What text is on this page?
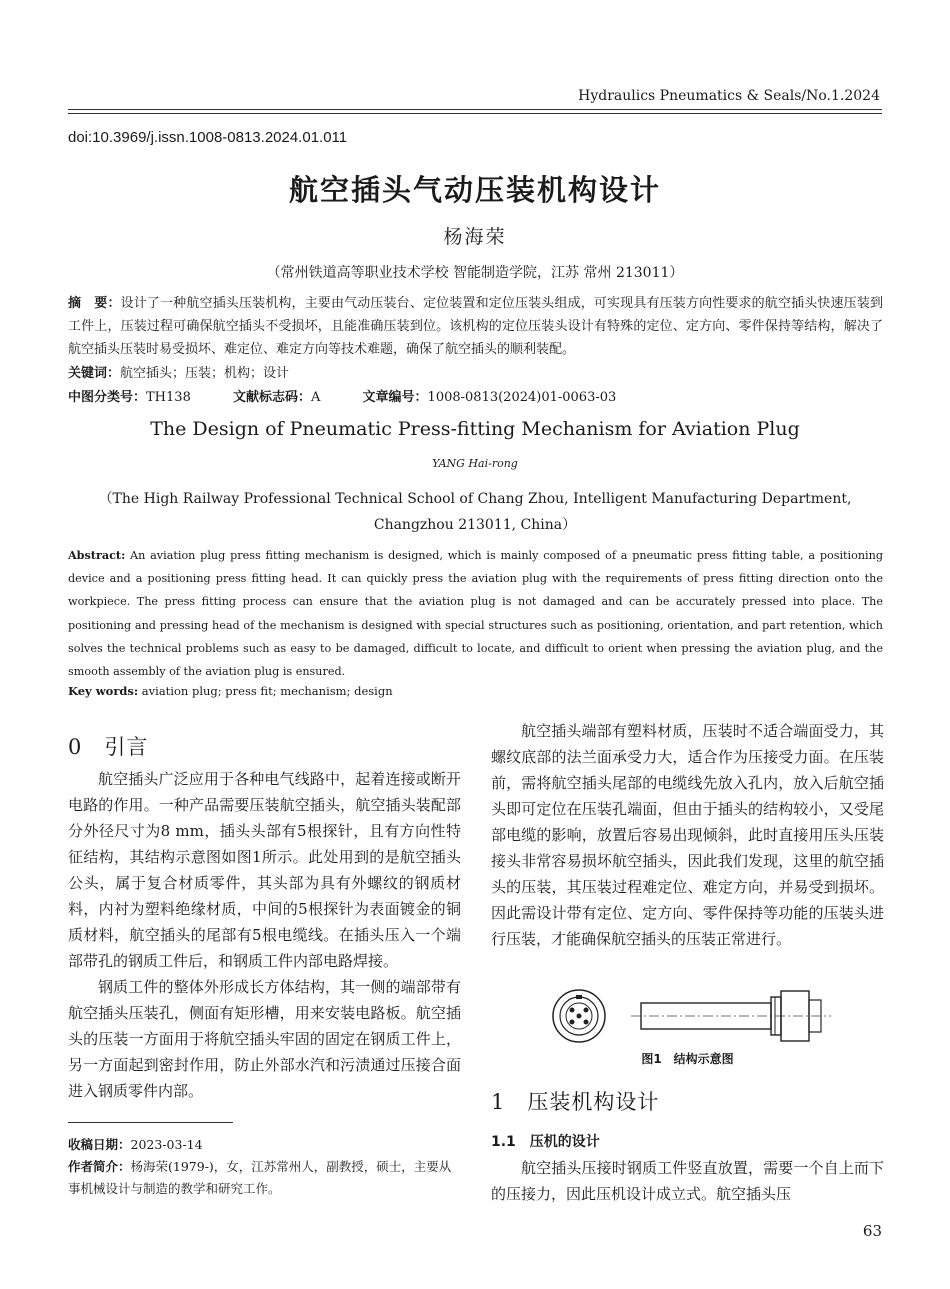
Hydraulics Pneumatics & Seals/No.1.2024
doi:10.3969/j.issn.1008-0813.2024.01.011
航空插头气动压装机构设计
杨海荣
（常州铁道高等职业技术学校 智能制造学院，江苏 常州 213011）
摘　要：设计了一种航空插头压装机构，主要由气动压装台、定位装置和定位压装头组成，可实现具有压装方向性要求的航空插头快速压装到工件上，压装过程可确保航空插头不受损坏，且能准确压装到位。该机构的定位压装头设计有特殊的定位、定方向、零件保持等结构，解决了航空插头压装时易受损坏、难定位、难定方向等技术难题，确保了航空插头的顺利装配。
关键词：航空插头；压装；机构；设计
中图分类号：TH138	文献标志码：A	文章编号：1008-0813(2024)01-0063-03
The Design of Pneumatic Press-fitting Mechanism for Aviation Plug
YANG Hai-rong
（The High Railway Professional Technical School of Chang Zhou, Intelligent Manufacturing Department,
Changzhou 213011, China）
Abstract: An aviation plug press fitting mechanism is designed, which is mainly composed of a pneumatic press fitting table, a positioning device and a positioning press fitting head. It can quickly press the aviation plug with the requirements of press fitting direction onto the workpiece. The press fitting process can ensure that the aviation plug is not damaged and can be accurately pressed into place. The positioning and pressing head of the mechanism is designed with special structures such as positioning, orientation, and part retention, which solves the technical problems such as easy to be damaged, difficult to locate, and difficult to orient when pressing the aviation plug, and the smooth assembly of the aviation plug is ensured.
Key words: aviation plug; press fit; mechanism; design
0　引言

航空插头广泛应用于各种电气线路中，起着连接或断开电路的作用。一种产品需要压装航空插头，航空插头装配部分外径尺寸为8 mm，插头头部有5根探针，且有方向性特征结构，其结构示意图如图1所示。此处用到的是航空插头公头，属于复合材质零件，其头部为具有外螺纹的钢质材料，内衬为塑料绝缘材质，中间的5根探针为表面镀金的铜质材料，航空插头的尾部有5根电缆线。在插头压入一个端部带孔的钢质工件后，和钢质工件内部电路焊接。

钢质工件的整体外形成长方体结构，其一侧的端部带有航空插头压装孔，侧面有矩形槽，用来安装电路板。航空插头的压装一方面用于将航空插头牢固的固定在钢质工件上，另一方面起到密封作用，防止外部水汽和污渍通过压接合面进入钢质零件内部。

收稿日期：2023-03-14
作者简介：杨海荣(1979-)，女，江苏常州人，副教授，硕士，主要从事机械设计与制造的教学和研究工作。

航空插头端部有塑料材质，压装时不适合端面受力，其螺纹底部的法兰面承受力大，适合作为压接受力面。在压装前，需将航空插头尾部的电缆线先放入孔内，放入后航空插头即可定位在压装孔端面，但由于插头的结构较小，又受尾部电缆的影响，放置后容易出现倾斜，此时直接用压头压装接头非常容易损坏航空插头，因此我们发现，这里的航空插头的压装，其压装过程难定位、难定方向，并易受到损坏。因此需设计带有定位、定方向、零件保持等功能的压装头进行压装，才能确保航空插头的压装正常进行。

图1　结构示意图
1　压装机构设计
1.1　压机的设计

航空插头压接时钢质工件竖直放置，需要一个自上而下的压接力，因此压机设计成立式。航空插头压

63
